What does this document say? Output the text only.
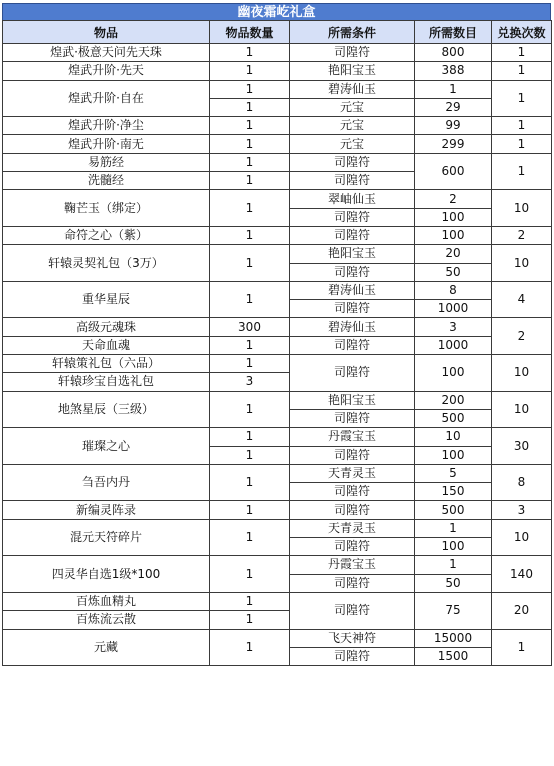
幽夜霜屹礼盒
物品	物品数量	所需条件	所需数目	兑换次数
煌武·极意天问先天珠	1	司隍符	800	1
煌武升阶·先天	1	艳阳宝玉	388	1
煌武升阶·自在	1	碧涛仙玉	1	1
	1	元宝	29	
煌武升阶·净尘	1	元宝	99	1
煌武升阶·南无	1	元宝	299	1
易筋经	1	司隍符	600	1
洗髓经	1	司隍符		
鞠芒玉（绑定）	1	翠岫仙玉	2	10
		司隍符	100	
命符之心（紫）	1	司隍符	100	2
轩辕灵契礼包（3万）	1	艳阳宝玉	20	10
		司隍符	50	
重华星辰	1	碧涛仙玉	8	4
		司隍符	1000	
高级元魂珠	300	碧涛仙玉	3	2
天命血魂	1	司隍符	1000	
轩辕策礼包（六品）	1	司隍符	100	10
轩辕珍宝自选礼包	3			
地煞星辰（三级）	1	艳阳宝玉	200	10
		司隍符	500	
璀璨之心	1	丹霞宝玉	10	30
	1	司隍符	100	
刍吾内丹	1	天青灵玉	5	8
		司隍符	150	
新编灵阵录	1	司隍符	500	3
混元天符碎片	1	天青灵玉	1	10
		司隍符	100	
四灵华自选1级*100	1	丹霞宝玉	1	140
		司隍符	50	
百炼血精丸	1	司隍符	75	20
百炼流云散	1			
元藏	1	飞天神符	15000	1
		司隍符	1500	
